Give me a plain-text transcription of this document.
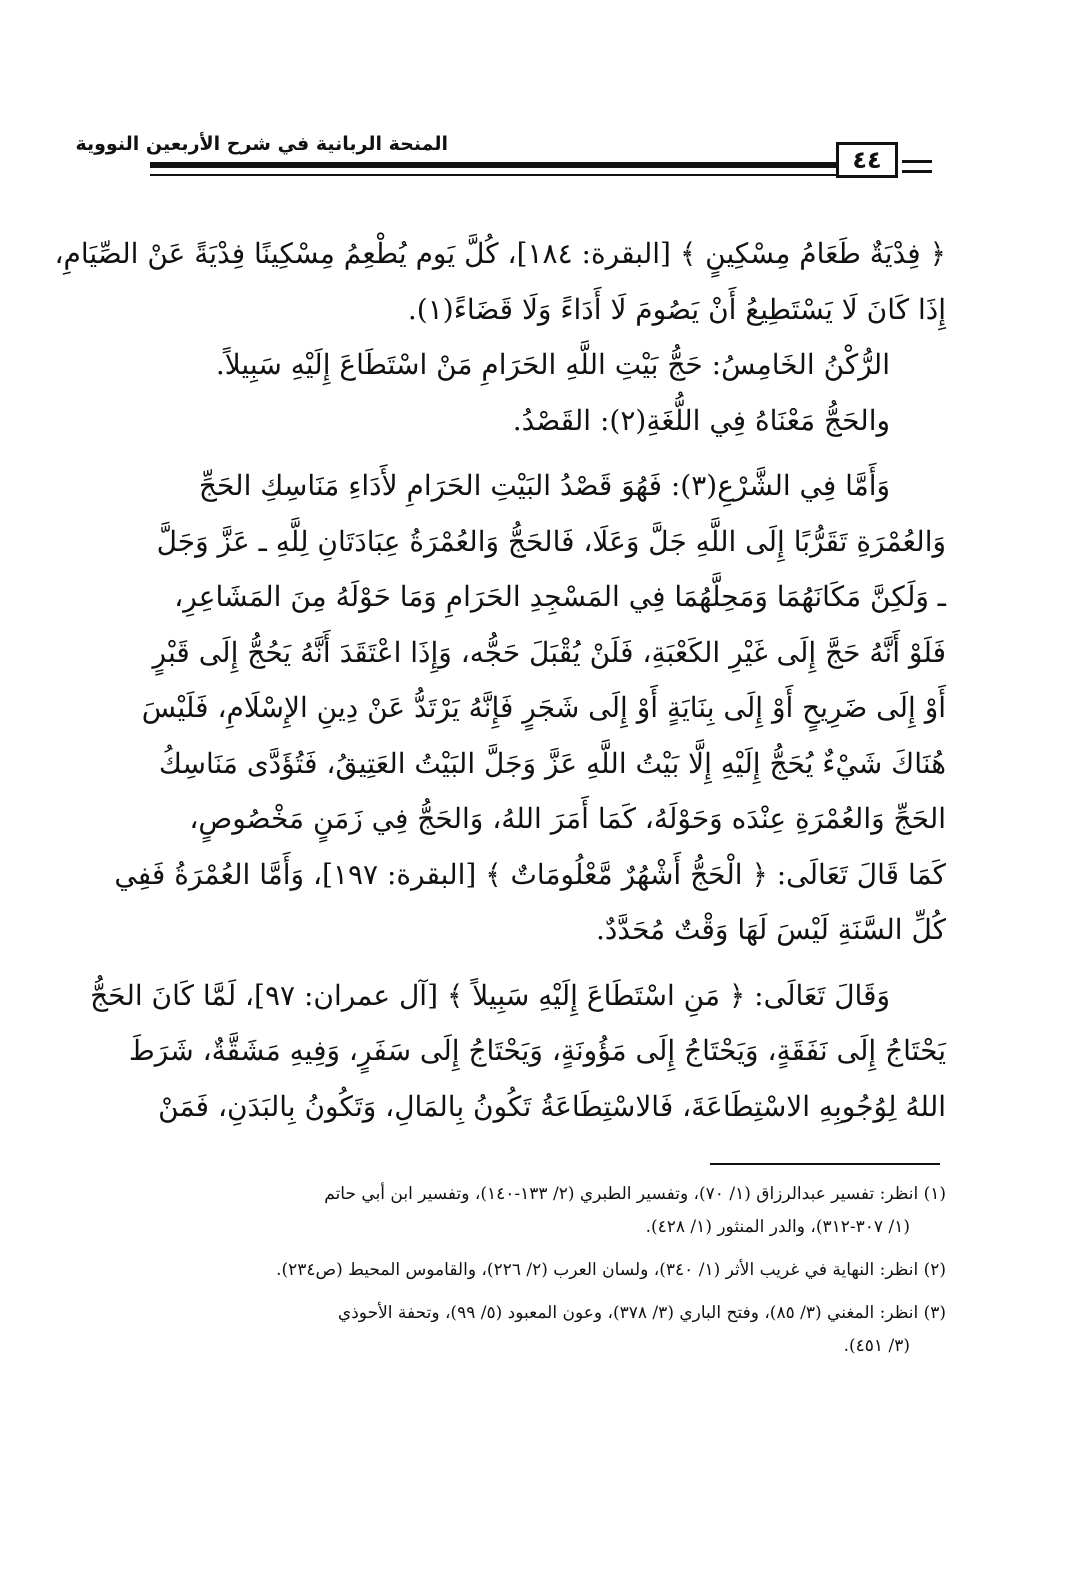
المنحة الربانية في شرح الأربعين النووية
٤٤
﴿ فِدْيَةٌ طَعَامُ مِسْكِينٍ ﴾ [البقرة: ١٨٤]، كُلَّ يَوم يُطْعِمُ مِسْكِينًا فِدْيَةً عَنْ الصِّيَامِ،
إِذَا كَانَ لَا يَسْتَطِيعُ أَنْ يَصُومَ لَا أَدَاءً وَلَا قَضَاءً(١).
الرُّكْنُ الخَامِسُ: حَجُّ بَيْتِ اللَّهِ الحَرَامِ مَنْ اسْتَطَاعَ إِلَيْهِ سَبِيلاً.
والحَجُّ مَعْنَاهُ فِي اللُّغَةِ(٢): القَصْدُ.
وَأَمَّا فِي الشَّرْعِ(٣): فَهُوَ قَصْدُ البَيْتِ الحَرَامِ لأَدَاءِ مَنَاسِكِ الحَجِّ
وَالعُمْرَةِ تَقَرُّبًا إِلَى اللَّهِ جَلَّ وَعَلَا، فَالحَجُّ وَالعُمْرَةُ عِبَادَتَانِ لِلَّهِ ـ عَزَّ وَجَلَّ
ـ وَلَكِنَّ مَكَانَهُمَا وَمَحِلَّهُمَا فِي المَسْجِدِ الحَرَامِ وَمَا حَوْلَهُ مِنَ المَشَاعِرِ،
فَلَوْ أَنَّهُ حَجَّ إِلَى غَيْرِ الكَعْبَةِ، فَلَنْ يُقْبَلَ حَجُّه، وَإِذَا اعْتَقَدَ أَنَّهُ يَحُجُّ إِلَى قَبْرٍ
أَوْ إِلَى ضَرِيحٍ أَوْ إِلَى بِنَايَةٍ أَوْ إِلَى شَجَرٍ فَإِنَّهُ يَرْتَدُّ عَنْ دِينِ الإِسْلَامِ، فَلَيْسَ
هُنَاكَ شَيْءٌ يُحَجُّ إِلَيْهِ إِلَّا بَيْتُ اللَّهِ عَزَّ وَجَلَّ البَيْتُ العَتِيقُ، فَتُؤَدَّى مَنَاسِكُ
الحَجِّ وَالعُمْرَةِ عِنْدَه وَحَوْلَهُ، كَمَا أَمَرَ اللهُ، وَالحَجُّ فِي زَمَنٍ مَخْصُوصٍ،
كَمَا قَالَ تَعَالَى: ﴿ الْحَجُّ أَشْهُرٌ مَّعْلُومَاتٌ ﴾ [البقرة: ١٩٧]، وَأَمَّا العُمْرَةُ فَفِي
كُلِّ السَّنَةِ لَيْسَ لَهَا وَقْتٌ مُحَدَّدٌ.
وَقَالَ تَعَالَى: ﴿ مَنِ اسْتَطَاعَ إِلَيْهِ سَبِيلاً ﴾ [آل عمران: ٩٧]، لَمَّا كَانَ الحَجُّ
يَحْتَاجُ إِلَى نَفَقَةٍ، وَيَحْتَاجُ إِلَى مَؤُونَةٍ، وَيَحْتَاجُ إِلَى سَفَرٍ، وَفِيهِ مَشَقَّةٌ، شَرَطَ
اللهُ لِوُجُوبِهِ الاسْتِطَاعَةَ، فَالاسْتِطَاعَةُ تَكُونُ بِالمَالِ، وَتَكُونُ بِالبَدَنِ، فَمَنْ
(١) انظر: تفسير عبدالرزاق (١/ ٧٠)، وتفسير الطبري (٢/ ١٣٣-١٤٠)، وتفسير ابن أبي حاتم
(١/ ٣٠٧-٣١٢)، والدر المنثور (١/ ٤٢٨).
(٢) انظر: النهاية في غريب الأثر (١/ ٣٤٠)، ولسان العرب (٢/ ٢٢٦)، والقاموس المحيط (ص٢٣٤).
(٣) انظر: المغني (٣/ ٨٥)، وفتح الباري (٣/ ٣٧٨)، وعون المعبود (٥/ ٩٩)، وتحفة الأحوذي
(٣/ ٤٥١).
